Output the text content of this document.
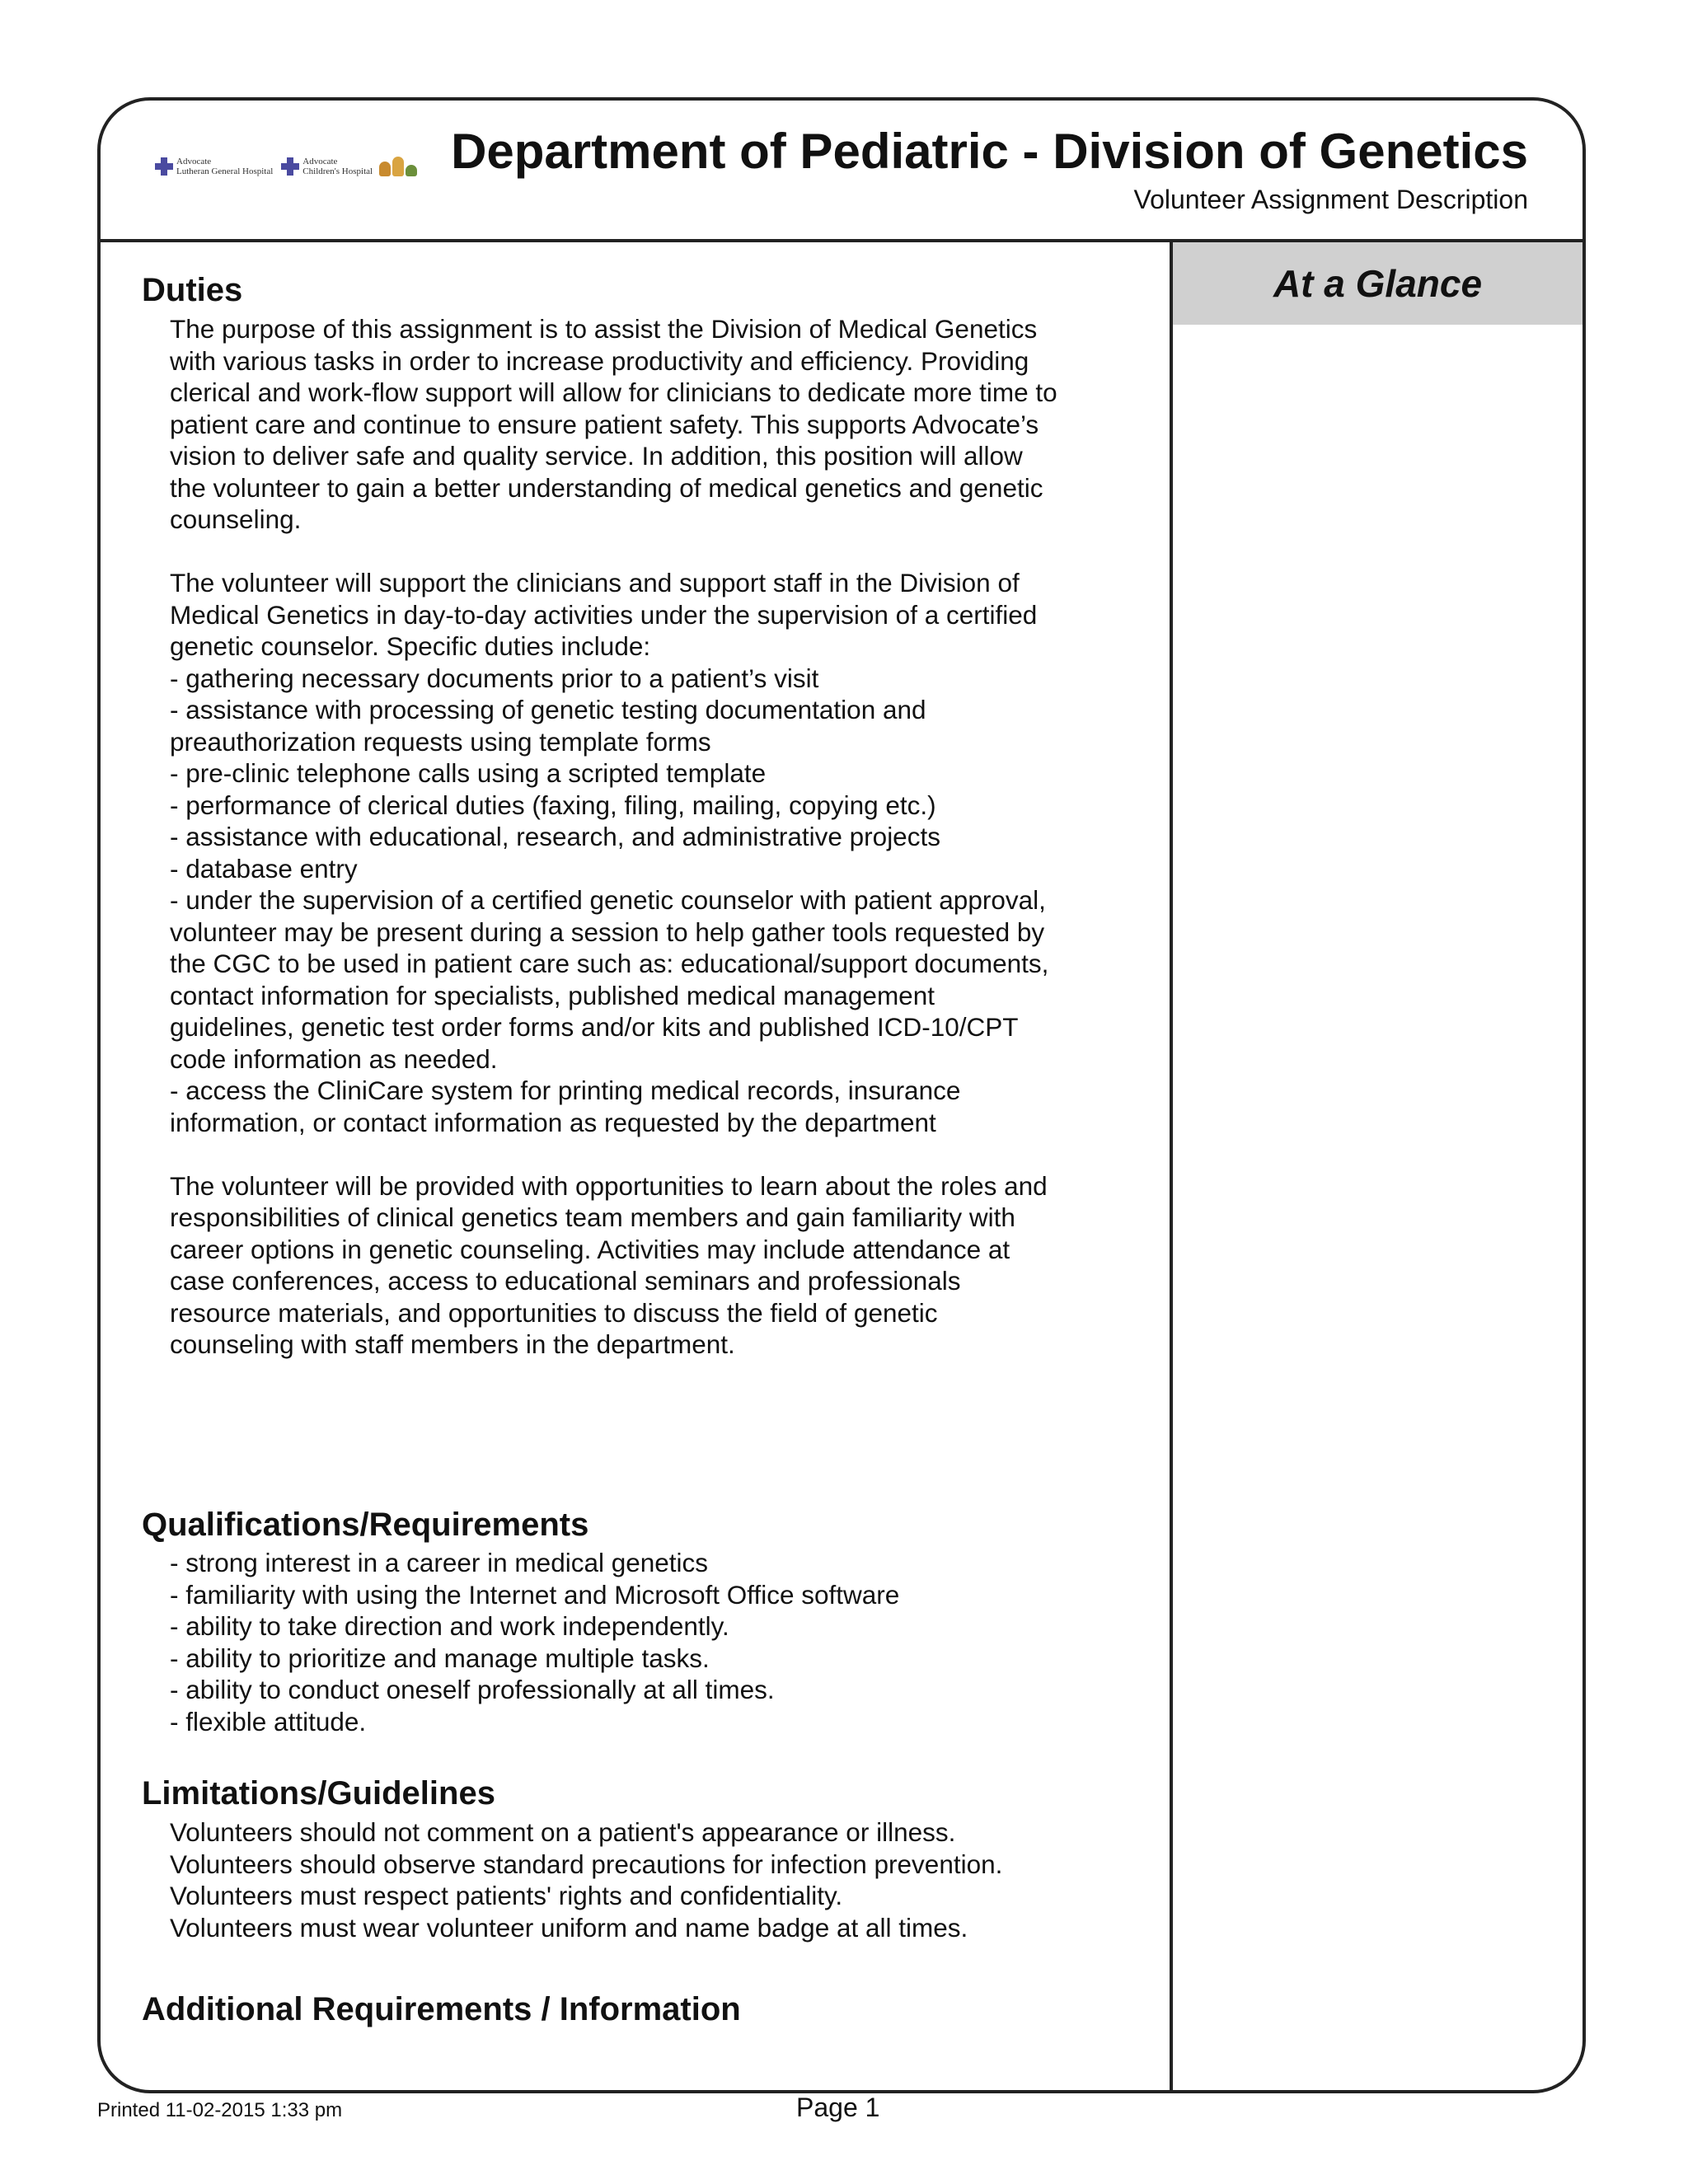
Advocate
Lutheran General Hospital
Advocate
Children's Hospital Department of Pediatric - Division of Genetics
Volunteer Assignment Description
Duties

The purpose of this assignment is to assist the Division of Medical Genetics

with various tasks in order to increase productivity and efficiency. Providing

clerical and work-flow support will allow for clinicians to dedicate more time to

patient care and continue to ensure patient safety. This supports Advocate’s

vision to deliver safe and quality service. In addition, this position will allow

the volunteer to gain a better understanding of medical genetics and genetic

counseling.

The volunteer will support the clinicians and support staff in the Division of

Medical Genetics in day-to-day activities under the supervision of a certified

genetic counselor. Specific duties include:

- gathering necessary documents prior to a patient’s visit

- assistance with processing of genetic testing documentation and

preauthorization requests using template forms

- pre-clinic telephone calls using a scripted template

- performance of clerical duties (faxing, filing, mailing, copying etc.)

- assistance with educational, research, and administrative projects

- database entry

- under the supervision of a certified genetic counselor with patient approval,

volunteer may be present during a session to help gather tools requested by

the CGC to be used in patient care such as: educational/support documents,

contact information for specialists, published medical management

guidelines, genetic test order forms and/or kits and published ICD-10/CPT

code information as needed.

- access the CliniCare system for printing medical records, insurance

information, or contact information as requested by the department

The volunteer will be provided with opportunities to learn about the roles and

responsibilities of clinical genetics team members and gain familiarity with

career options in genetic counseling. Activities may include attendance at

case conferences, access to educational seminars and professionals

resource materials, and opportunities to discuss the field of genetic

counseling with staff members in the department.

Qualifications/Requirements

- strong interest in a career in medical genetics

- familiarity with using the Internet and Microsoft Office software

- ability to take direction and work independently.

- ability to prioritize and manage multiple tasks.

- ability to conduct oneself professionally at all times.

- flexible attitude.

Limitations/Guidelines

Volunteers should not comment on a patient's appearance or illness.

Volunteers should observe standard precautions for infection prevention.

Volunteers must respect patients' rights and confidentiality.

Volunteers must wear volunteer uniform and name badge at all times.

Additional Requirements / Information
At a Glance
Printed 11-02-2015 1:33 pm	Page 1
